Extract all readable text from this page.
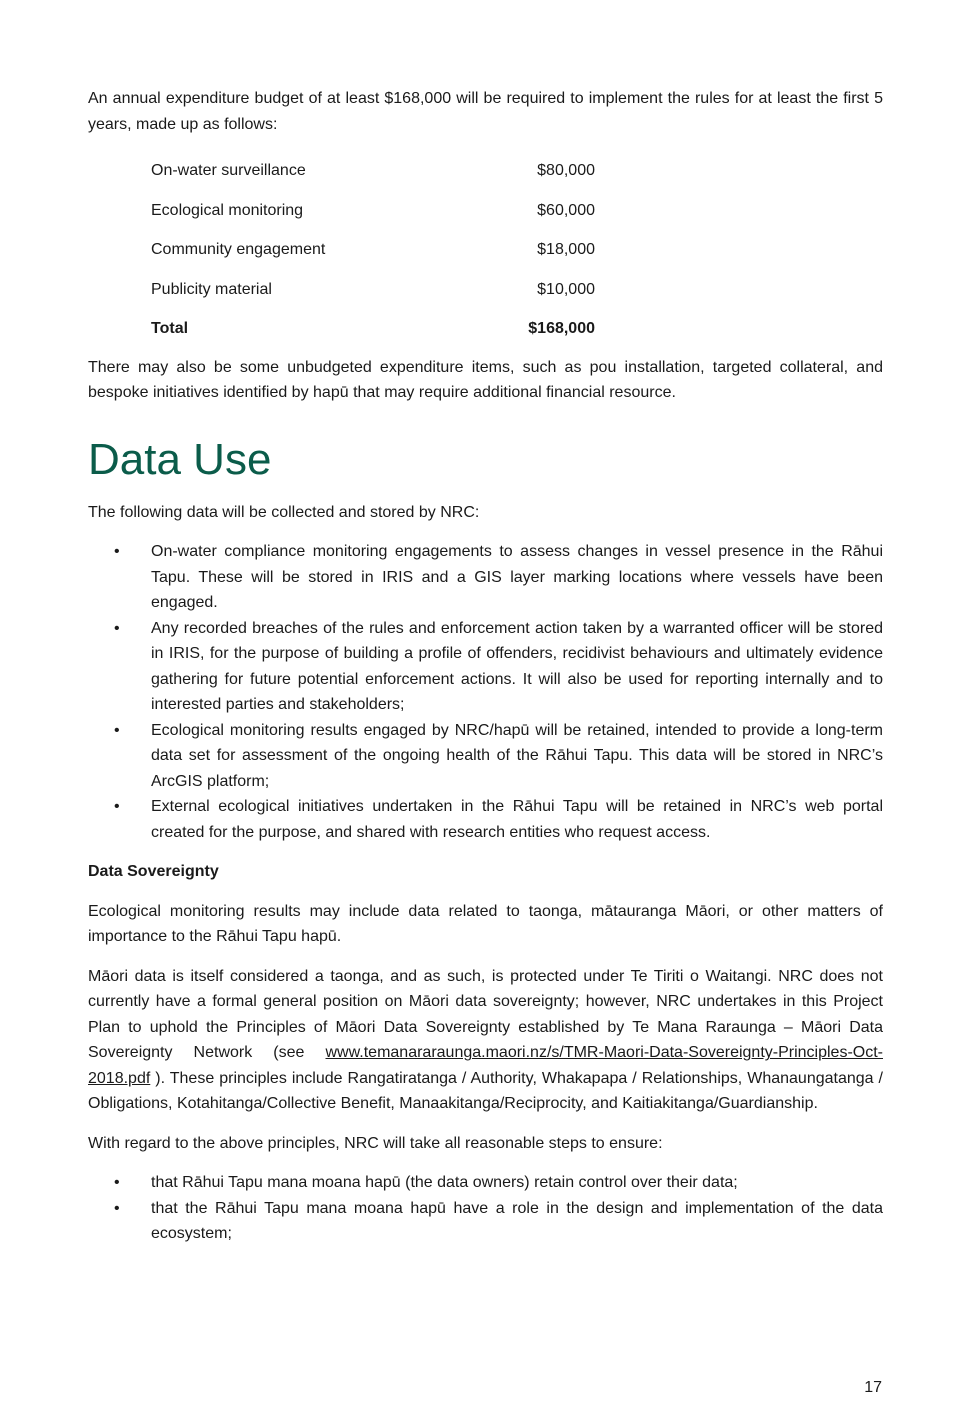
An annual expenditure budget of at least $168,000 will be required to implement the rules for at least the first 5 years, made up as follows:

On-water surveillance	$80,000
Ecological monitoring	$60,000
Community engagement	$18,000
Publicity material	$10,000
Total	$168,000

There may also be some unbudgeted expenditure items, such as pou installation, targeted collateral, and bespoke initiatives identified by hapū that may require additional financial resource.

Data Use

The following data will be collected and stored by NRC:

• On-water compliance monitoring engagements to assess changes in vessel presence in the Rāhui Tapu. These will be stored in IRIS and a GIS layer marking locations where vessels have been engaged.
• Any recorded breaches of the rules and enforcement action taken by a warranted officer will be stored in IRIS, for the purpose of building a profile of offenders, recidivist behaviours and ultimately evidence gathering for future potential enforcement actions. It will also be used for reporting internally and to interested parties and stakeholders;
• Ecological monitoring results engaged by NRC/hapū will be retained, intended to provide a long-term data set for assessment of the ongoing health of the Rāhui Tapu. This data will be stored in NRC’s ArcGIS platform;
• External ecological initiatives undertaken in the Rāhui Tapu will be retained in NRC’s web portal created for the purpose, and shared with research entities who request access.

Data Sovereignty

Ecological monitoring results may include data related to taonga, mātauranga Māori, or other matters of importance to the Rāhui Tapu hapū.

Māori data is itself considered a taonga, and as such, is protected under Te Tiriti o Waitangi. NRC does not currently have a formal general position on Māori data sovereignty; however, NRC undertakes in this Project Plan to uphold the Principles of Māori Data Sovereignty established by Te Mana Raraunga – Māori Data Sovereignty Network (see www.temanararaunga.maori.nz/s/TMR-Maori-Data-Sovereignty-Principles-Oct-2018.pdf ). These principles include Rangatiratanga / Authority, Whakapapa / Relationships, Whanaungatanga / Obligations, Kotahitanga/Collective Benefit, Manaakitanga/Reciprocity, and Kaitiakitanga/Guardianship.

With regard to the above principles, NRC will take all reasonable steps to ensure:

• that Rāhui Tapu mana moana hapū (the data owners) retain control over their data;
• that the Rāhui Tapu mana moana hapū have a role in the design and implementation of the data ecosystem;
17
